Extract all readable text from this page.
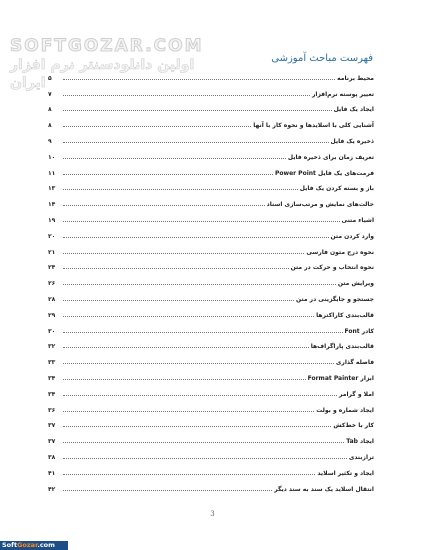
SOFTGOZAR.COM
اولین دانلودسنتر نرم افزار ایران
فهرست مباحث آموزشی
محیط برنامه
۵
تغییر پوسته نرم‌افزار
۷
ایجاد یک فایل
۸
آشنایی کلی با اسلایدها و نحوه کار با آنها
۸
ذخیره یک فایل
۹
تعریف زمان برای ذخیره فایل
۱۰
فرمت‌های یک فایل Power Point
۱۱
باز و بسته کردن یک فایل
۱۳
حالت‌های نمایش و مرتب‌سازی اسناد
۱۴
اشیاء متنی
۱۹
وارد کردن متن
۲۰
نحوه درج متون فارسی
۲۱
نحوه انتخاب و حرکت در متن
۲۴
ویرایش متن
۲۶
جستجو و جایگزینی در متن
۲۸
قالب‌بندی کاراکترها
۲۹
کادر Font
۳۰
قالب‌بندی پاراگراف‌ها
۳۲
فاصله گذاری
۳۳
ابزار Format Painter
۳۴
املا و گرامر
۳۴
ایجاد شماره و بولت
۳۶
کار با خط‌کش
۳۷
ایجاد Tab
۳۷
تراز‌بندی
۳۸
ایجاد و تکثیر اسلاید
۴۱
انتقال اسلاید یک سند به سند دیگر
۴۲
3
SoftGozar.com
